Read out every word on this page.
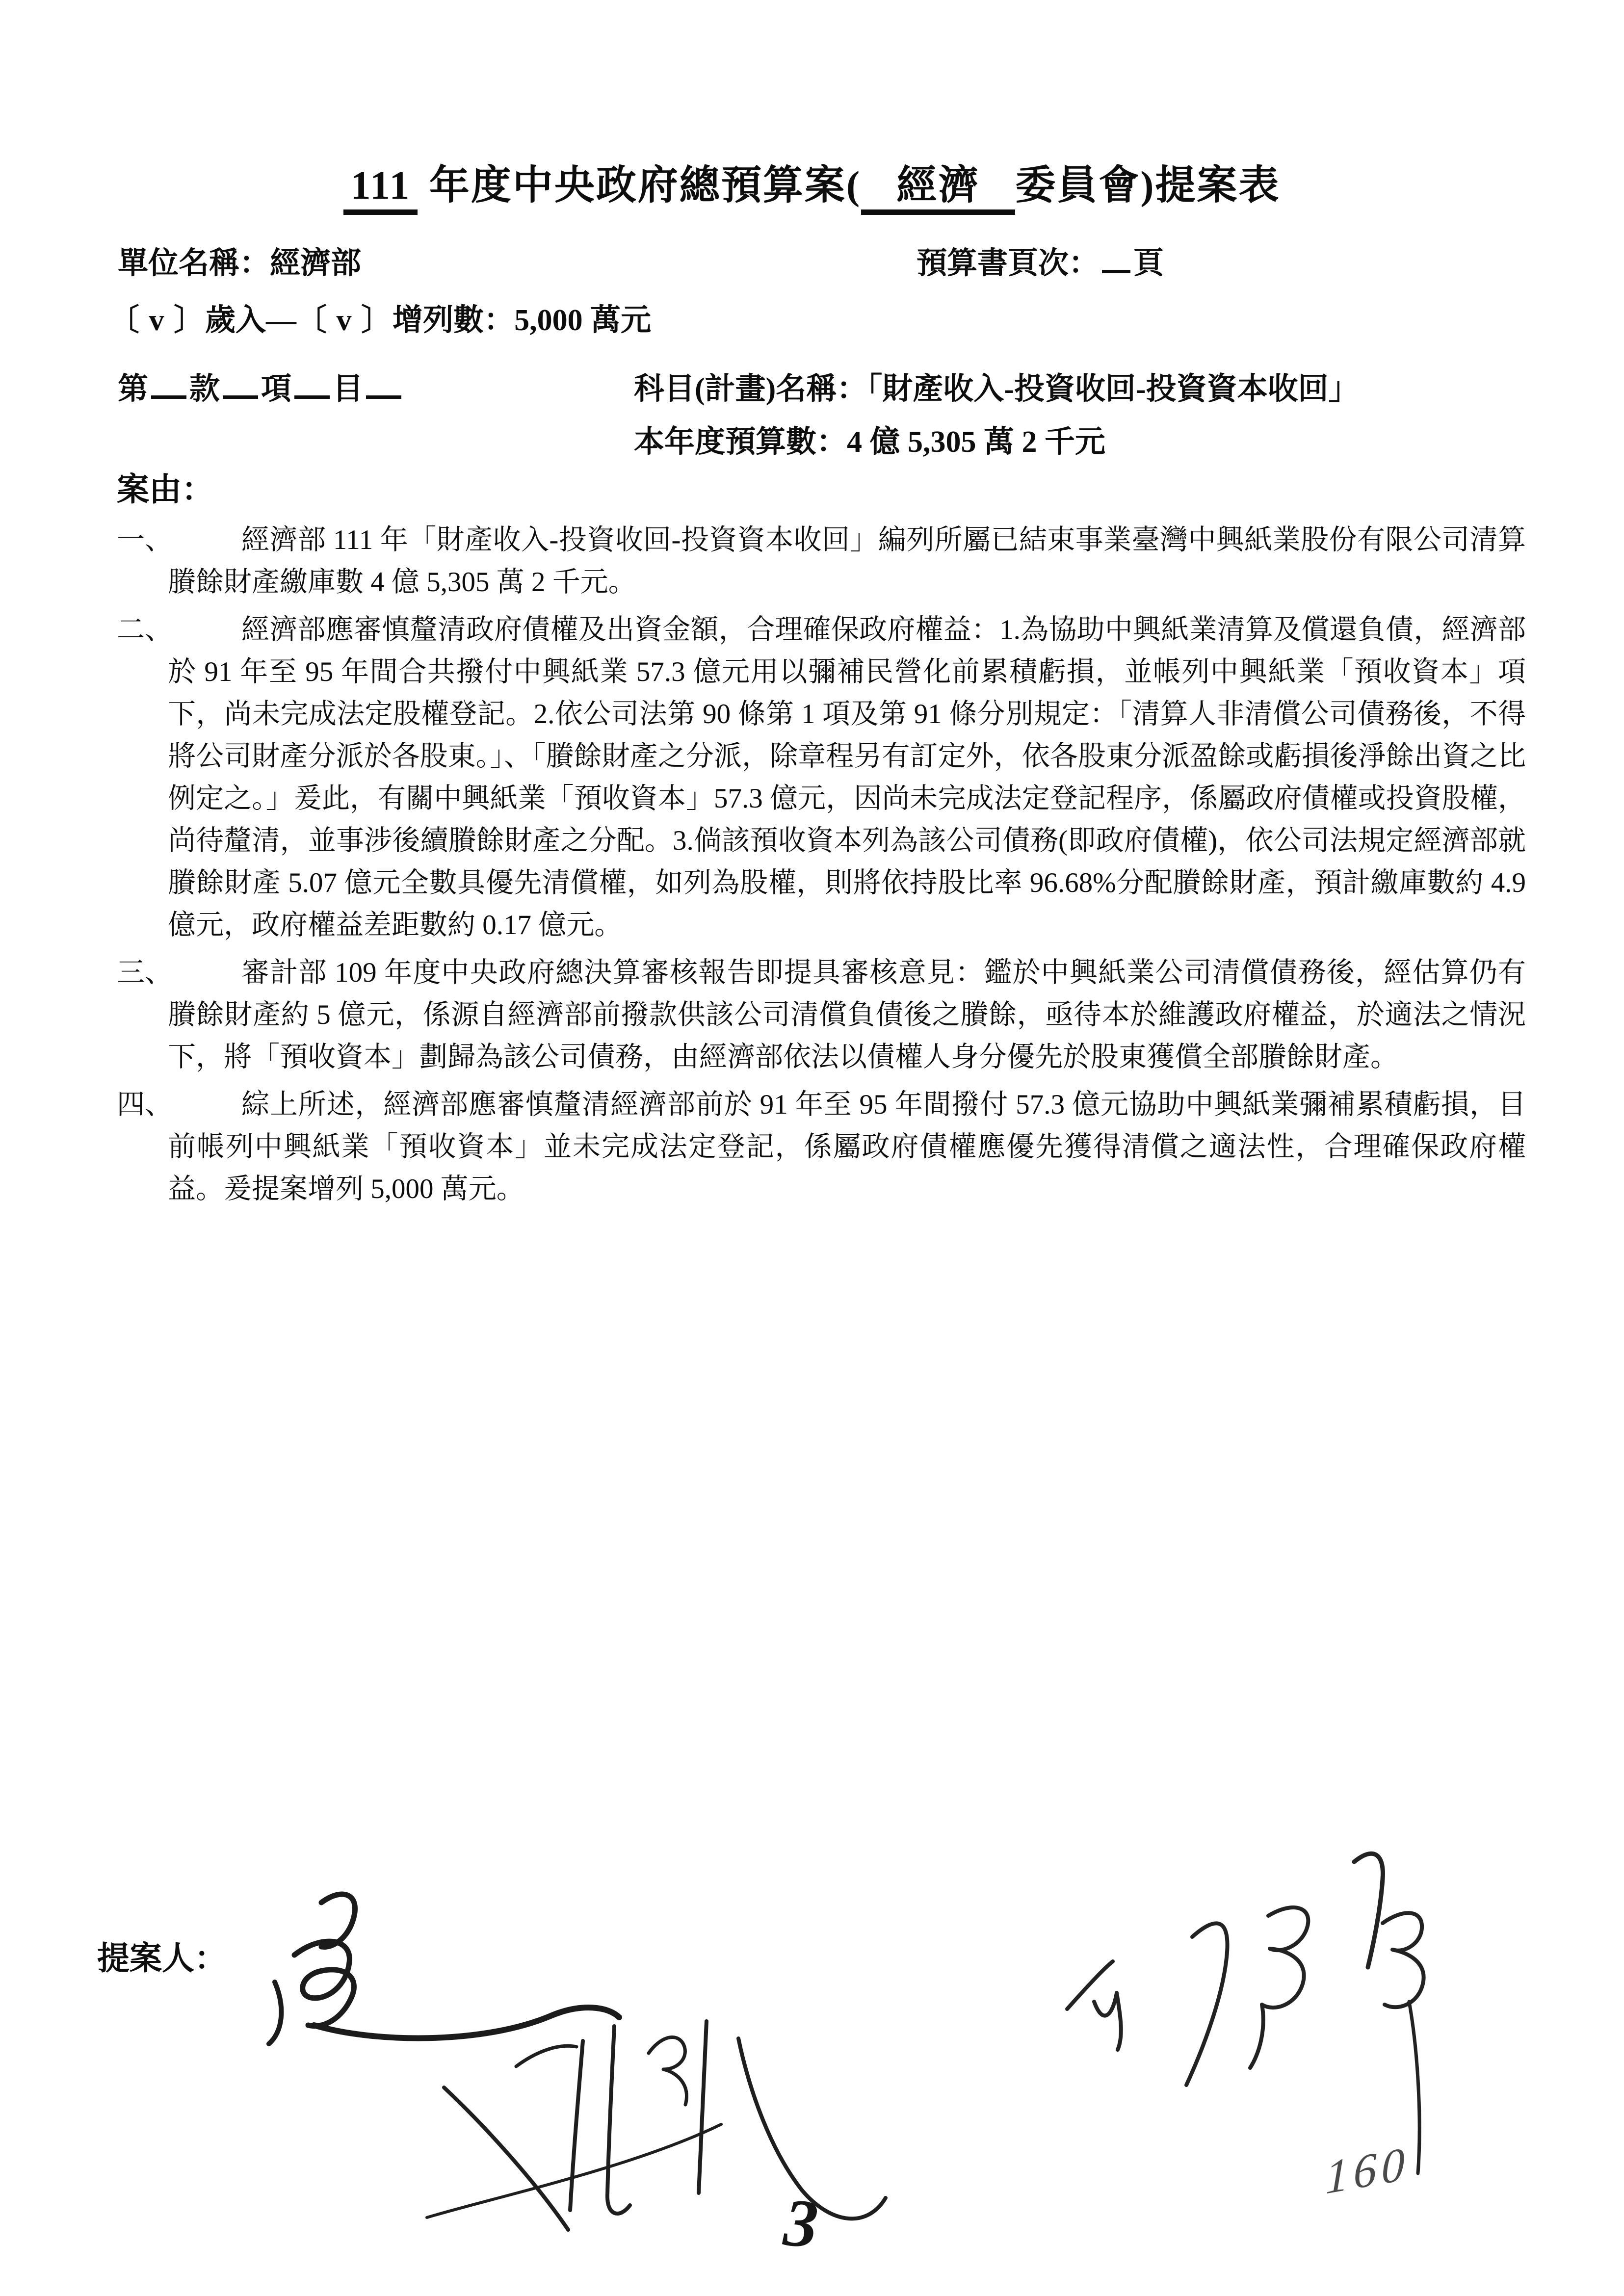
111 年度中央政府總預算案( 經濟 委員會)提案表
單位名稱：經濟部	預算書頁次： 頁
〔 v 〕歲入—〔 v 〕增列數：5,000 萬元
第 款 項 目	科目(計畫)名稱：「財產收入-投資收回-投資資本收回」
本年度預算數：4 億 5,305 萬 2 千元
案由：
一、	經濟部 111 年「財產收入-投資收回-投資資本收回」編列所屬已結束事業臺灣中興紙業股份有限公司清算賸餘財產繳庫數 4 億 5,305 萬 2 千元。
二、	經濟部應審慎釐清政府債權及出資金額，合理確保政府權益：1.為協助中興紙業清算及償還負債，經濟部於 91 年至 95 年間合共撥付中興紙業 57.3 億元用以彌補民營化前累積虧損，並帳列中興紙業「預收資本」項下，尚未完成法定股權登記。2.依公司法第 90 條第 1 項及第 91 條分別規定：「清算人非清償公司債務後，不得將公司財產分派於各股東。」、「賸餘財產之分派，除章程另有訂定外，依各股東分派盈餘或虧損後淨餘出資之比例定之。」爰此，有關中興紙業「預收資本」57.3 億元，因尚未完成法定登記程序，係屬政府債權或投資股權，尚待釐清，並事涉後續賸餘財產之分配。3.倘該預收資本列為該公司債務(即政府債權)，依公司法規定經濟部就賸餘財產 5.07 億元全數具優先清償權，如列為股權，則將依持股比率 96.68%分配賸餘財產，預計繳庫數約 4.9 億元，政府權益差距數約 0.17 億元。
三、	審計部 109 年度中央政府總決算審核報告即提具審核意見：鑑於中興紙業公司清償債務後，經估算仍有賸餘財產約 5 億元，係源自經濟部前撥款供該公司清償負債後之賸餘，亟待本於維護政府權益，於適法之情況下，將「預收資本」劃歸為該公司債務，由經濟部依法以債權人身分優先於股東獲償全部賸餘財產。
四、	綜上所述，經濟部應審慎釐清經濟部前於 91 年至 95 年間撥付 57.3 億元協助中興紙業彌補累積虧損，目前帳列中興紙業「預收資本」並未完成法定登記，係屬政府債權應優先獲得清償之適法性，合理確保政府權益。爰提案增列 5,000 萬元。
提案人：
3
160
